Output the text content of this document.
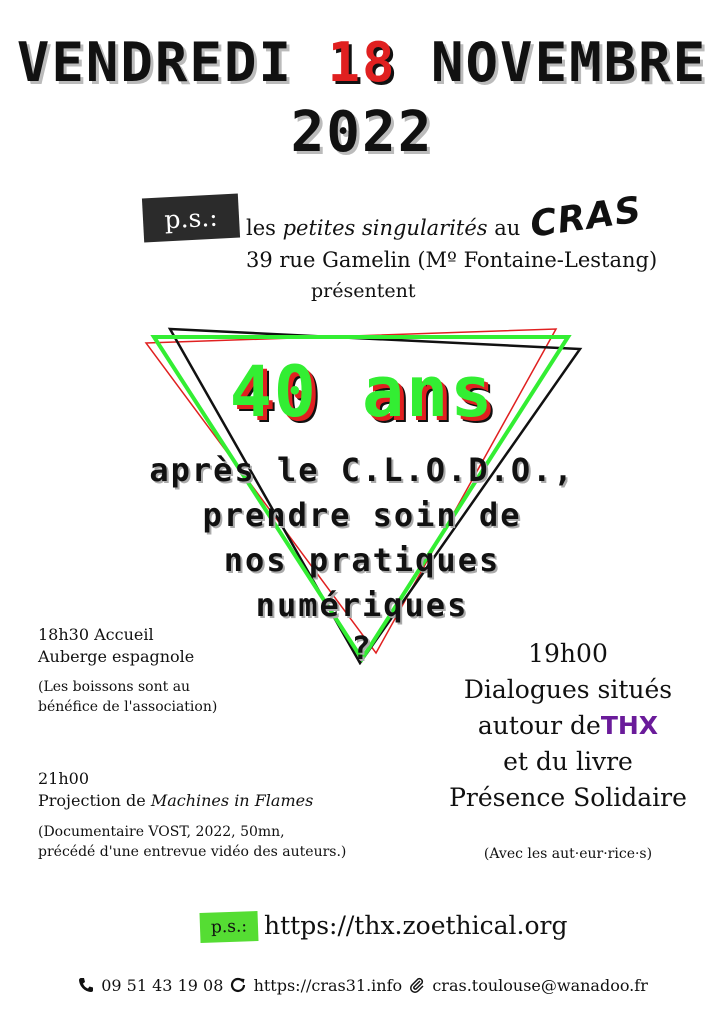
VENDREDI 18 NOVEMBRE
2022
p.s.: les petites singularités au CRAS
39 rue Gamelin (Mº Fontaine-Lestang)
présentent
40 ans
après le C.L.O.D.O.,
prendre soin de
nos pratiques
numériques
?
18h30 Accueil
Auberge espagnole
(Les boissons sont au
bénéfice de l'association)
21h00
Projection de Machines in Flames
(Documentaire VOST, 2022, 50mn,
précédé d'une entrevue vidéo des auteurs.)
19h00
Dialogues situés
autour deTHX
et du livre
Présence Solidaire
(Avec les aut·eur·rice·s)
p.s.: https://thx.zoethical.org
09 51 43 19 08 https://cras31.info cras.toulouse@wanadoo.fr
